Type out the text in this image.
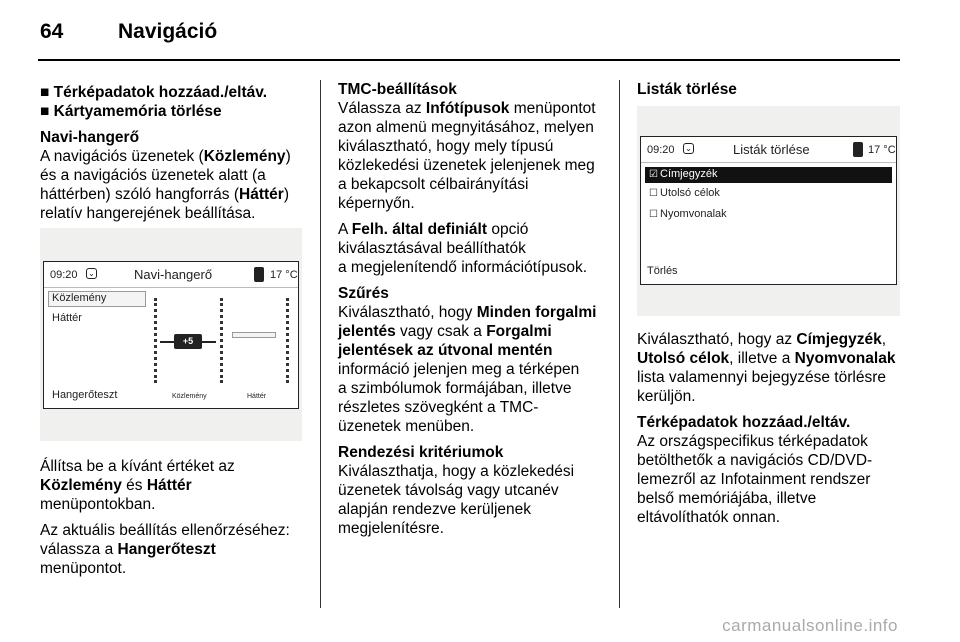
64	Navigáció
■ Térképadatok hozzáad./eltáv.
■ Kártyamemória törlése
Navi-hangerő

A navigációs üzenetek (Közlemény)
és a navigációs üzenetek alatt (a
háttérben) szóló hangforrás (Háttér)
relatív hangerejének beállítása.

09:20 ⌄	Navi-hangerő	17 °C
Közlemény
Háttér
Hangerőteszt
+5
Közlemény	Háttér

Állítsa be a kívánt értéket az
Közlemény és Háttér
menüpontokban.

Az aktuális beállítás ellenőrzéséhez:
válassza a Hangerőteszt
menüpontot.

TMC-beállítások

Válassza az Infótípusok menüpontot
azon almenü megnyitásához, melyen
kiválasztható, hogy mely típusú
közlekedési üzenetek jelenjenek meg
a bekapcsolt célbairányítási
képernyőn.

A Felh. által definiált opció
kiválasztásával beállíthatók
a megjelenítendő információtípusok.

Szűrés

Kiválasztható, hogy Minden forgalmi
jelentés vagy csak a Forgalmi
jelentések az útvonal mentén
információ jelenjen meg a térképen
a szimbólumok formájában, illetve
részletes szövegként a TMC-
üzenetek menüben.

Rendezési kritériumok

Kiválaszthatja, hogy a közlekedési
üzenetek távolság vagy utcanév
alapján rendezve kerüljenek
megjelenítésre.

Listák törlése
09:20 ⌄	Listák törlése	17 °C
☑ Címjegyzék
☐ Utolsó célok
☐ Nyomvonalak
Törlés

Kiválasztható, hogy az Címjegyzék,
Utolsó célok, illetve a Nyomvonalak
lista valamennyi bejegyzése törlésre
kerüljön.

Térképadatok hozzáad./eltáv.

Az országspecifikus térképadatok
betölthetők a navigációs CD/DVD-
lemezről az Infotainment rendszer
belső memóriájába, illetve
eltávolíthatók onnan.

carmanualsonline.info
